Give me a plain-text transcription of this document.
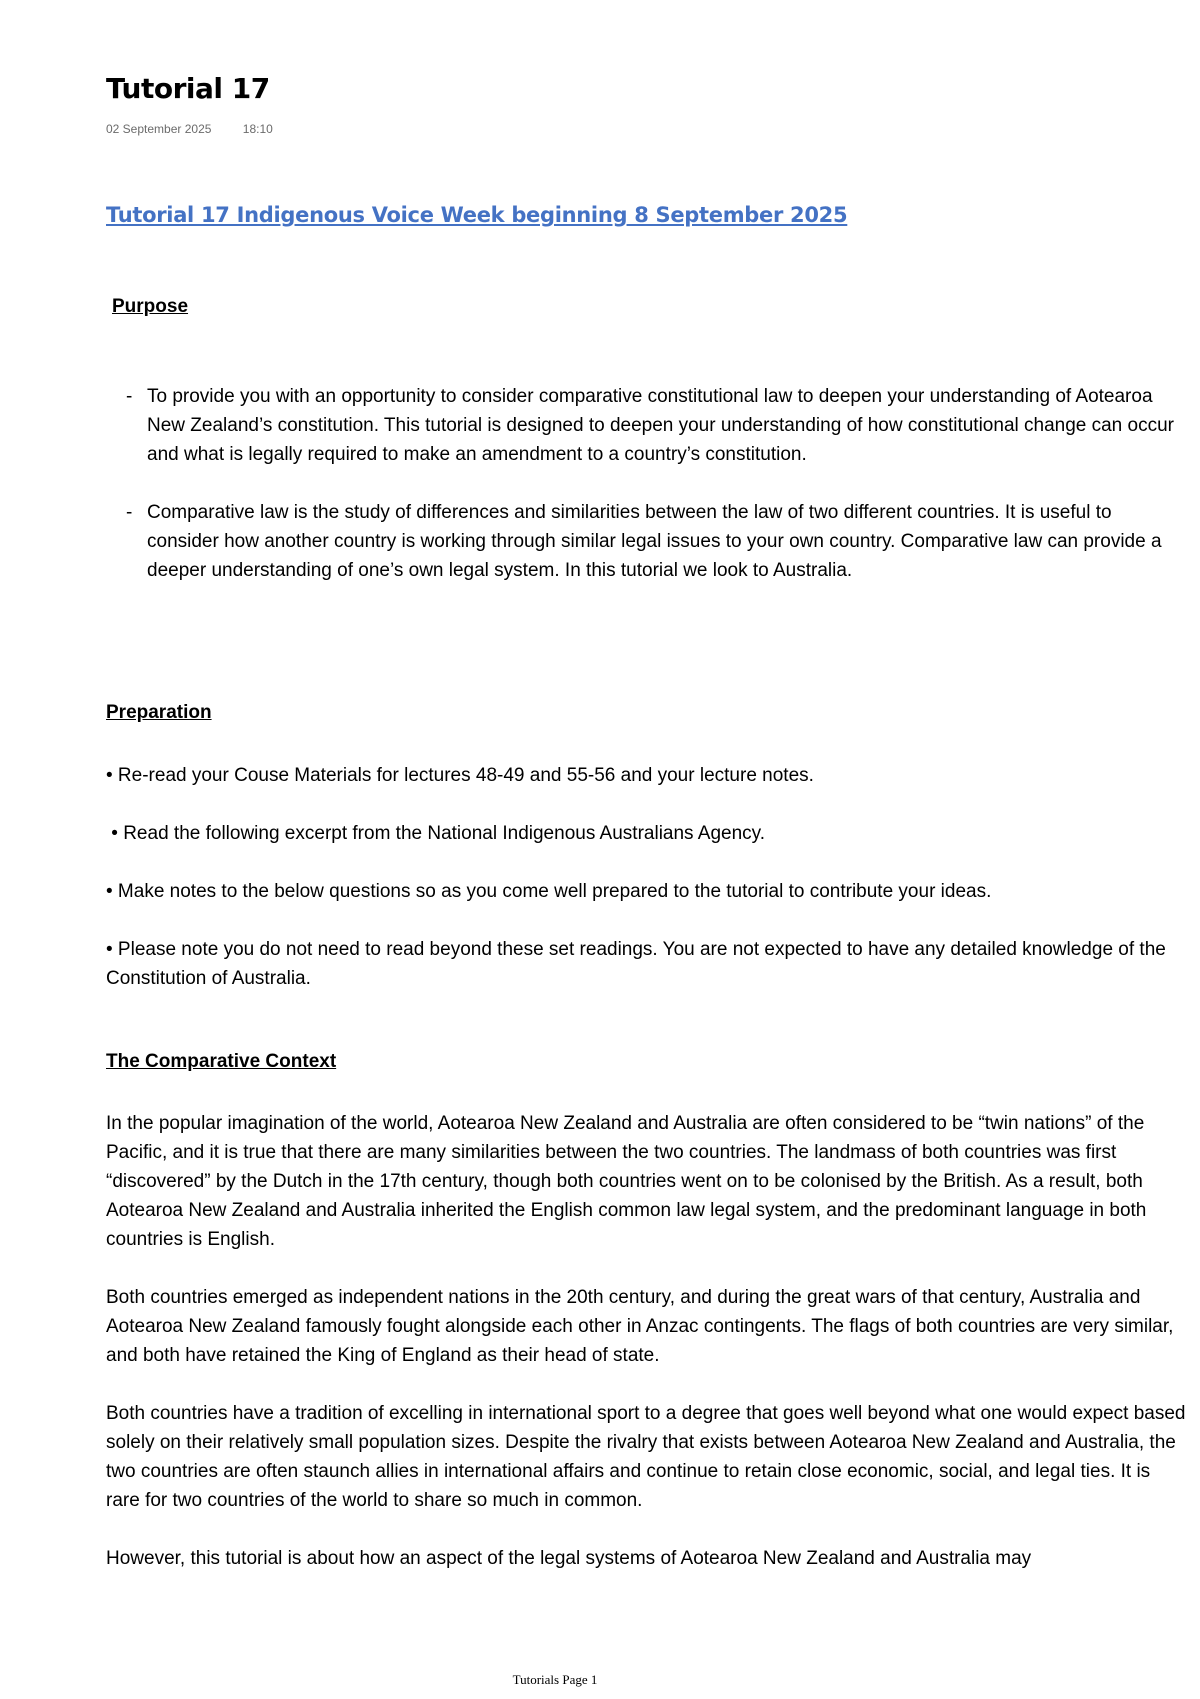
Tutorial 17
02 September 2025	18:10
Tutorial 17 Indigenous Voice Week beginning 8 September 2025
Purpose
- To provide you with an opportunity to consider comparative constitutional law to deepen your understanding of Aotearoa New Zealand’s constitution. This tutorial is designed to deepen your understanding of how constitutional change can occur and what is legally required to make an amendment to a country’s constitution.

- Comparative law is the study of differences and similarities between the law of two different countries. It is useful to consider how another country is working through similar legal issues to your own country. Comparative law can provide a deeper understanding of one’s own legal system. In this tutorial we look to Australia.

Preparation

• Re-read your Couse Materials for lectures 48-49 and 55-56 and your lecture notes.

• Read the following excerpt from the National Indigenous Australians Agency.

• Make notes to the below questions so as you come well prepared to the tutorial to contribute your ideas.

• Please note you do not need to read beyond these set readings. You are not expected to have any detailed knowledge of the Constitution of Australia.

The Comparative Context

In the popular imagination of the world, Aotearoa New Zealand and Australia are often considered to be “twin nations” of the Pacific, and it is true that there are many similarities between the two countries. The landmass of both countries was first “discovered” by the Dutch in the 17th century, though both countries went on to be colonised by the British. As a result, both Aotearoa New Zealand and Australia inherited the English common law legal system, and the predominant language in both countries is English.

Both countries emerged as independent nations in the 20th century, and during the great wars of that century, Australia and Aotearoa New Zealand famously fought alongside each other in Anzac contingents. The flags of both countries are very similar, and both have retained the King of England as their head of state.

Both countries have a tradition of excelling in international sport to a degree that goes well beyond what one would expect based solely on their relatively small population sizes. Despite the rivalry that exists between Aotearoa New Zealand and Australia, the two countries are often staunch allies in international affairs and continue to retain close economic, social, and legal ties. It is rare for two countries of the world to share so much in common.

However, this tutorial is about how an aspect of the legal systems of Aotearoa New Zealand and Australia may

Tutorials Page 1
